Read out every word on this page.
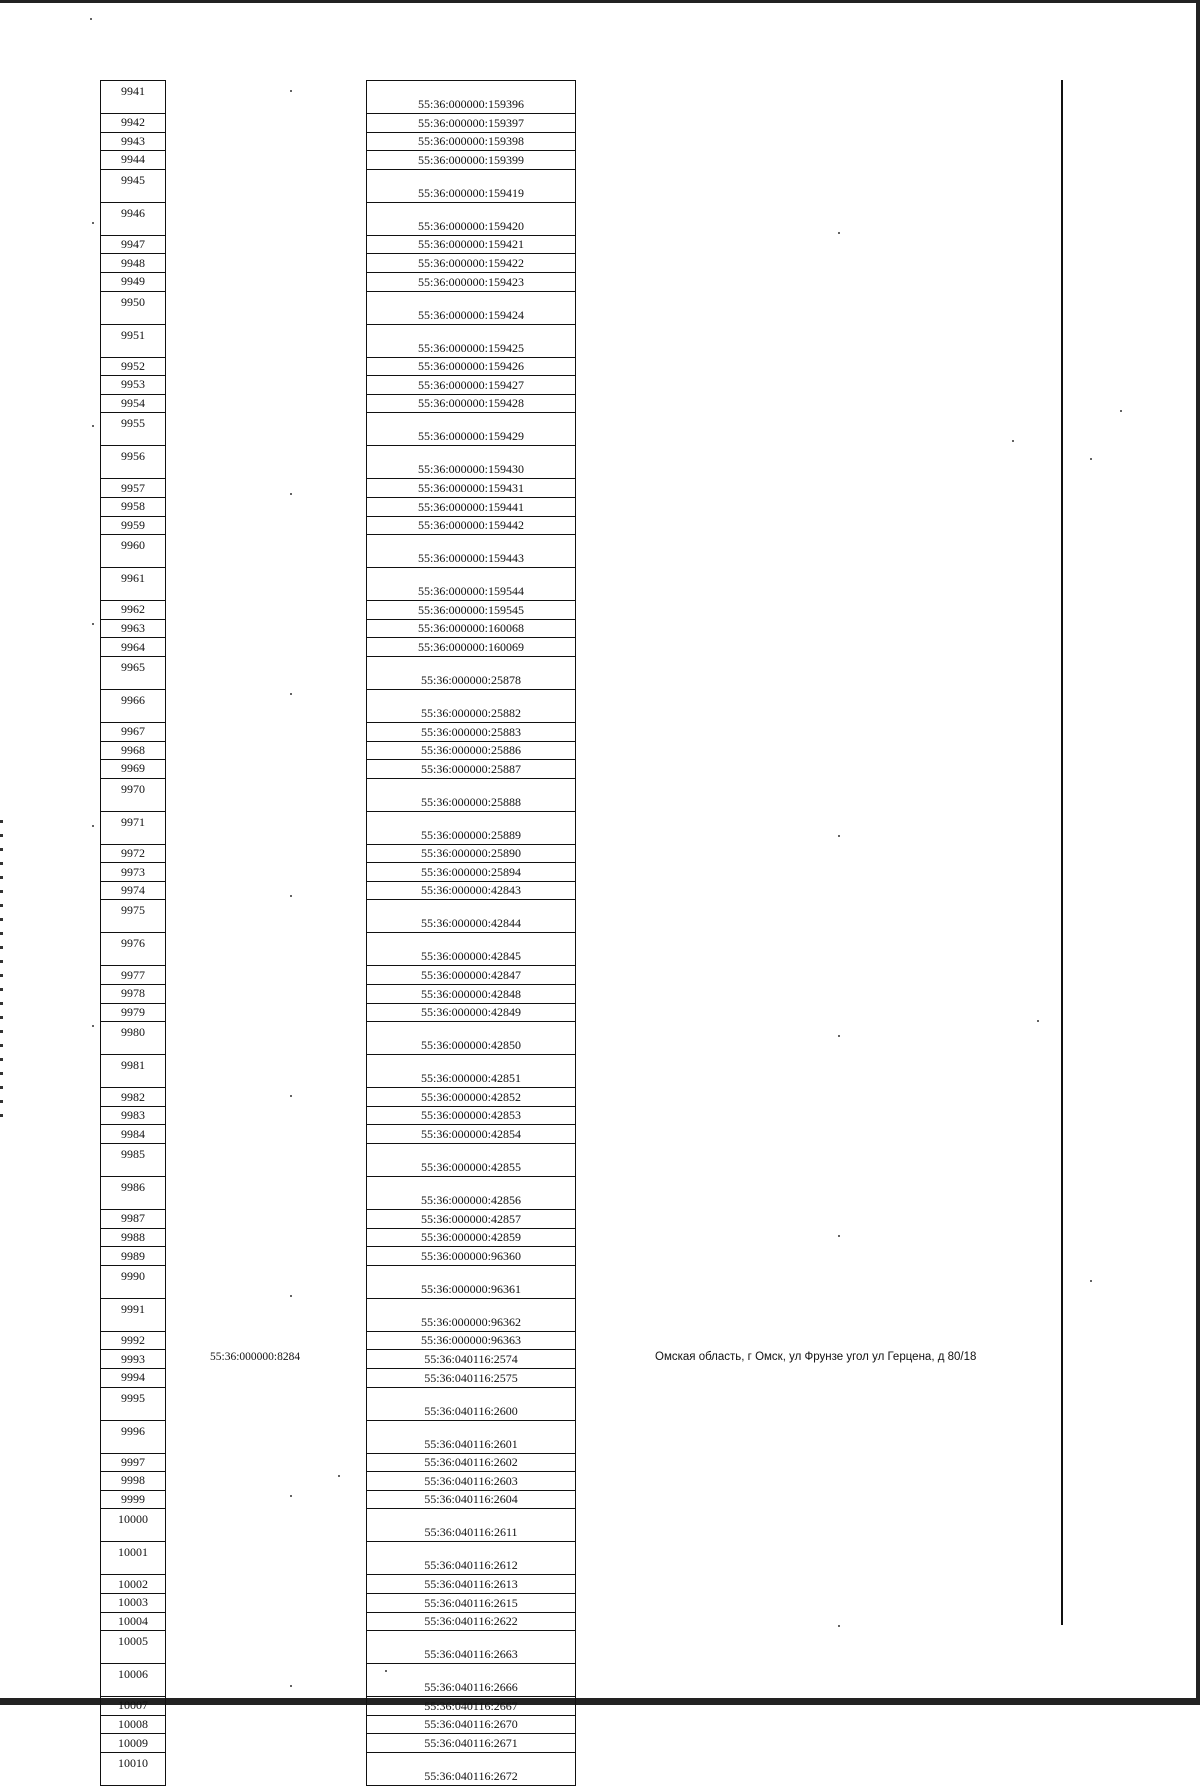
9941
9942
9943
9944
9945
9946
9947
9948
9949
9950
9951
9952
9953
9954
9955
9956
9957
9958
9959
9960
9961
9962
9963
9964
9965
9966
9967
9968
9969
9970
9971
9972
9973
9974
9975
9976
9977
9978
9979
9980
9981
9982
9983
9984
9985
9986
9987
9988
9989
9990
9991
9992
9993
9994
9995
9996
9997
9998
9999
10000
10001
10002
10003
10004
10005
10006
10007
10008
10009
10010
55:36:000000:159396
55:36:000000:159397
55:36:000000:159398
55:36:000000:159399
55:36:000000:159419
55:36:000000:159420
55:36:000000:159421
55:36:000000:159422
55:36:000000:159423
55:36:000000:159424
55:36:000000:159425
55:36:000000:159426
55:36:000000:159427
55:36:000000:159428
55:36:000000:159429
55:36:000000:159430
55:36:000000:159431
55:36:000000:159441
55:36:000000:159442
55:36:000000:159443
55:36:000000:159544
55:36:000000:159545
55:36:000000:160068
55:36:000000:160069
55:36:000000:25878
55:36:000000:25882
55:36:000000:25883
55:36:000000:25886
55:36:000000:25887
55:36:000000:25888
55:36:000000:25889
55:36:000000:25890
55:36:000000:25894
55:36:000000:42843
55:36:000000:42844
55:36:000000:42845
55:36:000000:42847
55:36:000000:42848
55:36:000000:42849
55:36:000000:42850
55:36:000000:42851
55:36:000000:42852
55:36:000000:42853
55:36:000000:42854
55:36:000000:42855
55:36:000000:42856
55:36:000000:42857
55:36:000000:42859
55:36:000000:96360
55:36:000000:96361
55:36:000000:96362
55:36:000000:96363
55:36:040116:2574
55:36:040116:2575
55:36:040116:2600
55:36:040116:2601
55:36:040116:2602
55:36:040116:2603
55:36:040116:2604
55:36:040116:2611
55:36:040116:2612
55:36:040116:2613
55:36:040116:2615
55:36:040116:2622
55:36:040116:2663
55:36:040116:2666
55:36:040116:2667
55:36:040116:2670
55:36:040116:2671
55:36:040116:2672
55:36:000000:8284	Омская область, г Омск, ул Фрунзе угол ул Герцена, д 80/18
